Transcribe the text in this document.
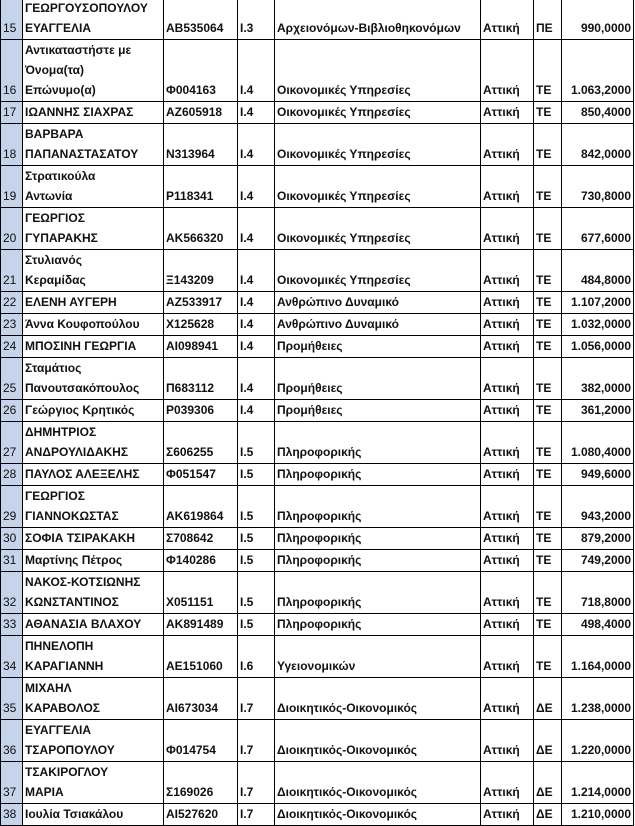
15	ΓΕΩΡΓΟΥΣΟΠΟΥΛΟΥ
ΕΥΑΓΓΕΛΙΑ	ΑΒ535064	Ι.3	Αρχειονόμων-Βιβλιοθηκονόμων	Αττική	ΠΕ	990,0000
16	Αντικαταστήστε με
Όνομα(τα)
Επώνυμο(α)	Φ004163	Ι.4	Οικονομικές Υπηρεσίες	Αττική	ΤΕ	1.063,2000
17	ΙΩΑΝΝΗΣ ΣΙΑΧΡΑΣ	ΑΖ605918	Ι.4	Οικονομικές Υπηρεσίες	Αττική	ΤΕ	850,4000
18	ΒΑΡΒΑΡΑ
ΠΑΠΑΝΑΣΤΑΣΑΤΟΥ	Ν313964	Ι.4	Οικονομικές Υπηρεσίες	Αττική	ΤΕ	842,0000
19	Στρατικούλα
Αντωνία	Ρ118341	Ι.4	Οικονομικές Υπηρεσίες	Αττική	ΤΕ	730,8000
20	ΓΕΩΡΓΙΟΣ
ΓΥΠΑΡΑΚΗΣ	ΑΚ566320	Ι.4	Οικονομικές Υπηρεσίες	Αττική	ΤΕ	677,6000
21	Στυλιανός
Κεραμίδας	Ξ143209	Ι.4	Οικονομικές Υπηρεσίες	Αττική	ΤΕ	484,8000
22	ΕΛΕΝΗ ΑΥΓΕΡΗ	ΑΖ533917	Ι.4	Ανθρώπινο Δυναμικό	Αττική	ΤΕ	1.107,2000
23	Άννα Κουφοπούλου	Χ125628	Ι.4	Ανθρώπινο Δυναμικό	Αττική	ΤΕ	1.032,0000
24	ΜΠΟΣΙΝΗ ΓΕΩΡΓΙΑ	ΑΙ098941	Ι.4	Προμήθειες	Αττική	ΤΕ	1.056,0000
25	Σταμάτιος
Πανουτσακόπουλος	Π683112	Ι.4	Προμήθειες	Αττική	ΤΕ	382,0000
26	Γεώργιος Κρητικός	Ρ039306	Ι.4	Προμήθειες	Αττική	ΤΕ	361,2000
27	ΔΗΜΗΤΡΙΟΣ
ΑΝΔΡΟΥΛΙΔΑΚΗΣ	Σ606255	Ι.5	Πληροφορικής	Αττική	ΤΕ	1.080,4000
28	ΠΑΥΛΟΣ ΑΛΕΞΕΛΗΣ	Φ051547	Ι.5	Πληροφορικής	Αττική	ΤΕ	949,6000
29	ΓΕΩΡΓΙΟΣ
ΓΙΑΝΝΟΚΩΣΤΑΣ	ΑΚ619864	Ι.5	Πληροφορικής	Αττική	ΤΕ	943,2000
30	ΣΟΦΙΑ ΤΣΙΡΑΚΑΚΗ	Σ708642	Ι.5	Πληροφορικής	Αττική	ΤΕ	879,2000
31	Μαρτίνης Πέτρος	Φ140286	Ι.5	Πληροφορικής	Αττική	ΤΕ	749,2000
32	ΝΑΚΟΣ-ΚΟΤΣΙΩΝΗΣ
ΚΩΝΣΤΑΝΤΙΝΟΣ	Χ051151	Ι.5	Πληροφορικής	Αττική	ΤΕ	718,8000
33	ΑΘΑΝΑΣΙΑ ΒΛΑΧΟΥ	ΑΚ891489	Ι.5	Πληροφορικής	Αττική	ΤΕ	498,4000
34	ΠΗΝΕΛΟΠΗ
ΚΑΡΑΓΙΑΝΝΗ	ΑΕ151060	Ι.6	Υγειονομικών	Αττική	ΤΕ	1.164,0000
35	ΜΙΧΑΗΛ
ΚΑΡΑΒΟΛΟΣ	ΑΙ673034	Ι.7	Διοικητικός-Οικονομικός	Αττική	ΔΕ	1.238,0000
36	ΕΥΑΓΓΕΛΙΑ
ΤΣΑΡΟΠΟΥΛΟΥ	Φ014754	Ι.7	Διοικητικός-Οικονομικός	Αττική	ΔΕ	1.220,0000
37	ΤΣΑΚΙΡΟΓΛΟΥ
ΜΑΡΙΑ	Σ169026	Ι.7	Διοικητικός-Οικονομικός	Αττική	ΔΕ	1.214,0000
38	Ιουλία Τσιακάλου	ΑΙ527620	Ι.7	Διοικητικός-Οικονομικός	Αττική	ΔΕ	1.210,0000
